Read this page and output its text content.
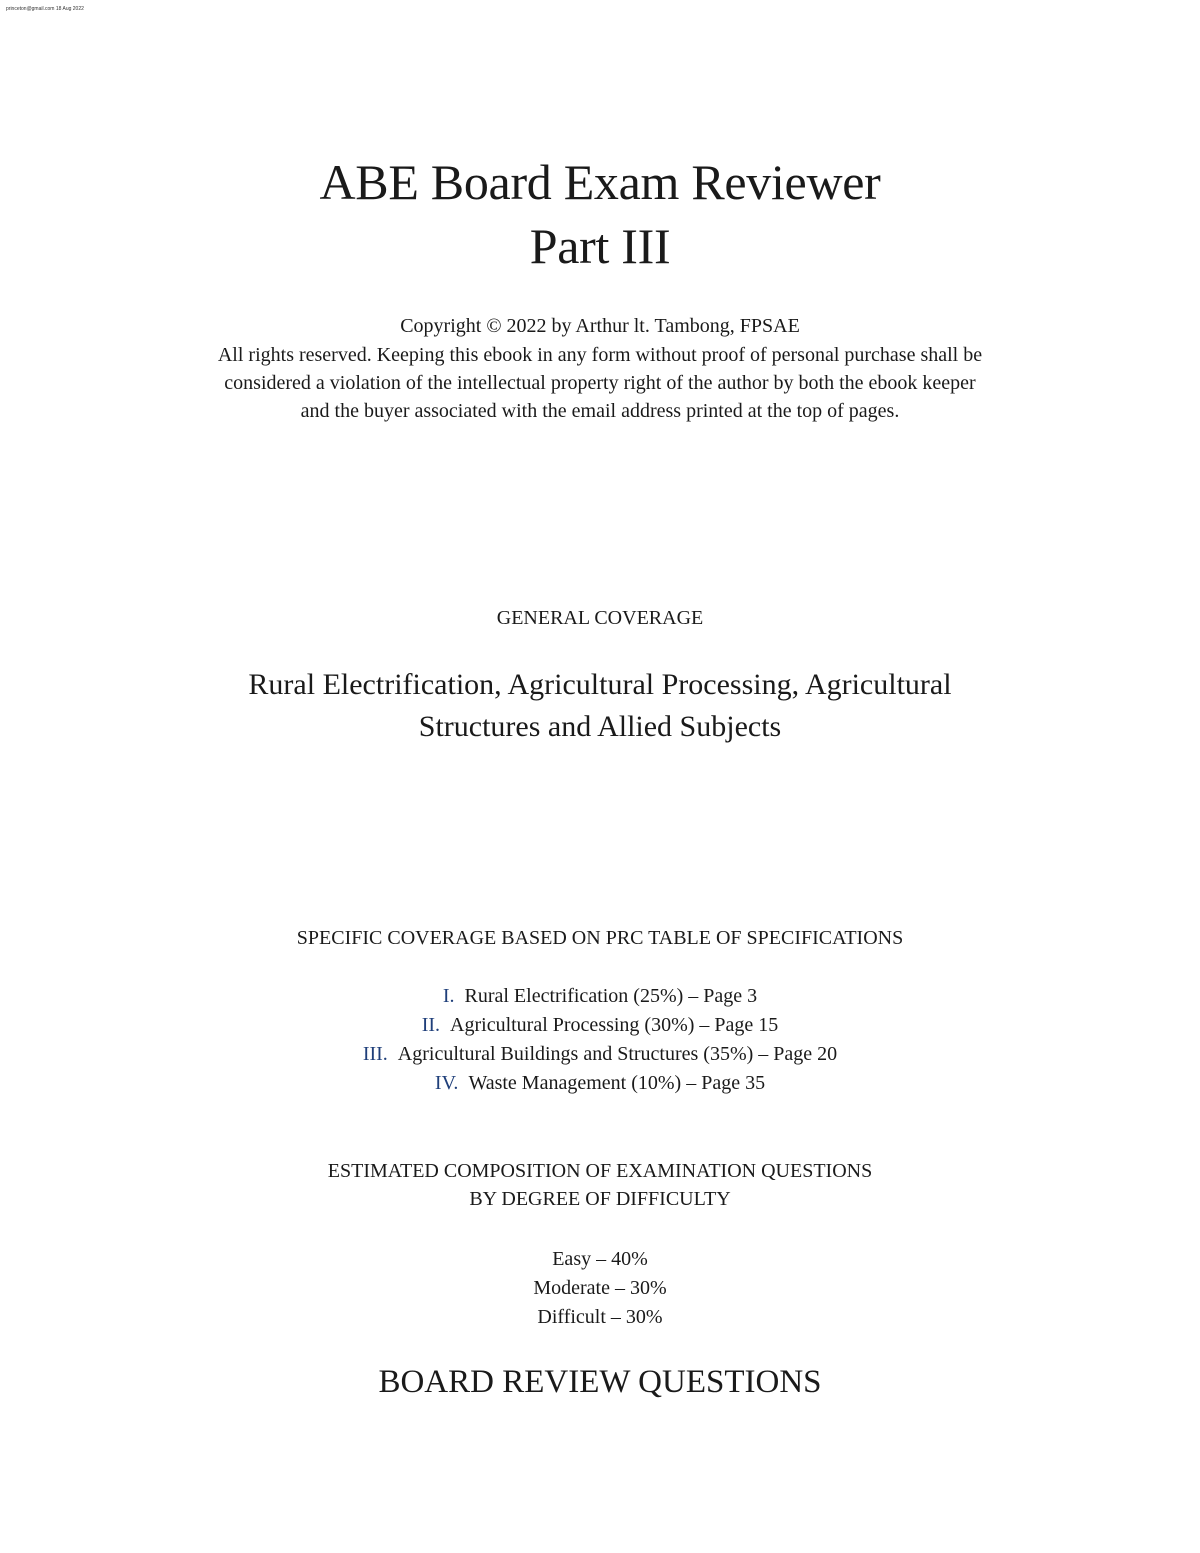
princeton@gmail.com 18 Aug 2022
ABE Board Exam Reviewer
Part III
Copyright © 2022 by Arthur lt. Tambong, FPSAE
All rights reserved. Keeping this ebook in any form without proof of personal purchase shall be
considered a violation of the intellectual property right of the author by both the ebook keeper
and the buyer associated with the email address printed at the top of pages.
GENERAL COVERAGE
Rural Electrification, Agricultural Processing, Agricultural
Structures and Allied Subjects
SPECIFIC COVERAGE BASED ON PRC TABLE OF SPECIFICATIONS
I. Rural Electrification (25%) – Page 3
II. Agricultural Processing (30%) – Page 15
III. Agricultural Buildings and Structures (35%) – Page 20
IV. Waste Management (10%) – Page 35
ESTIMATED COMPOSITION OF EXAMINATION QUESTIONS
BY DEGREE OF DIFFICULTY
Easy – 40%
Moderate – 30%
Difficult – 30%
BOARD REVIEW QUESTIONS
